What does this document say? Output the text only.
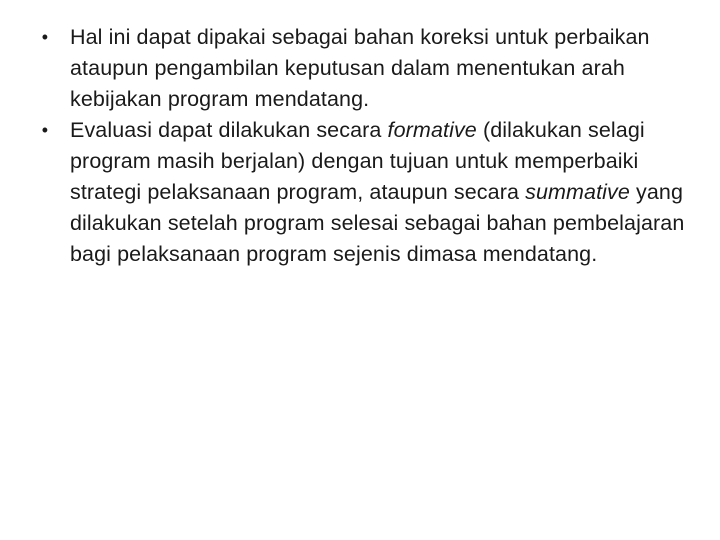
• Hal ini dapat dipakai sebagai bahan koreksi untuk perbaikan ataupun pengambilan keputusan dalam menentukan arah kebijakan program mendatang.
• Evaluasi dapat dilakukan secara formative (dilakukan selagi program masih berjalan) dengan tujuan untuk memperbaiki strategi pelaksanaan program, ataupun secara summative yang dilakukan setelah program selesai sebagai bahan pembelajaran bagi pelaksanaan program sejenis dimasa mendatang.
